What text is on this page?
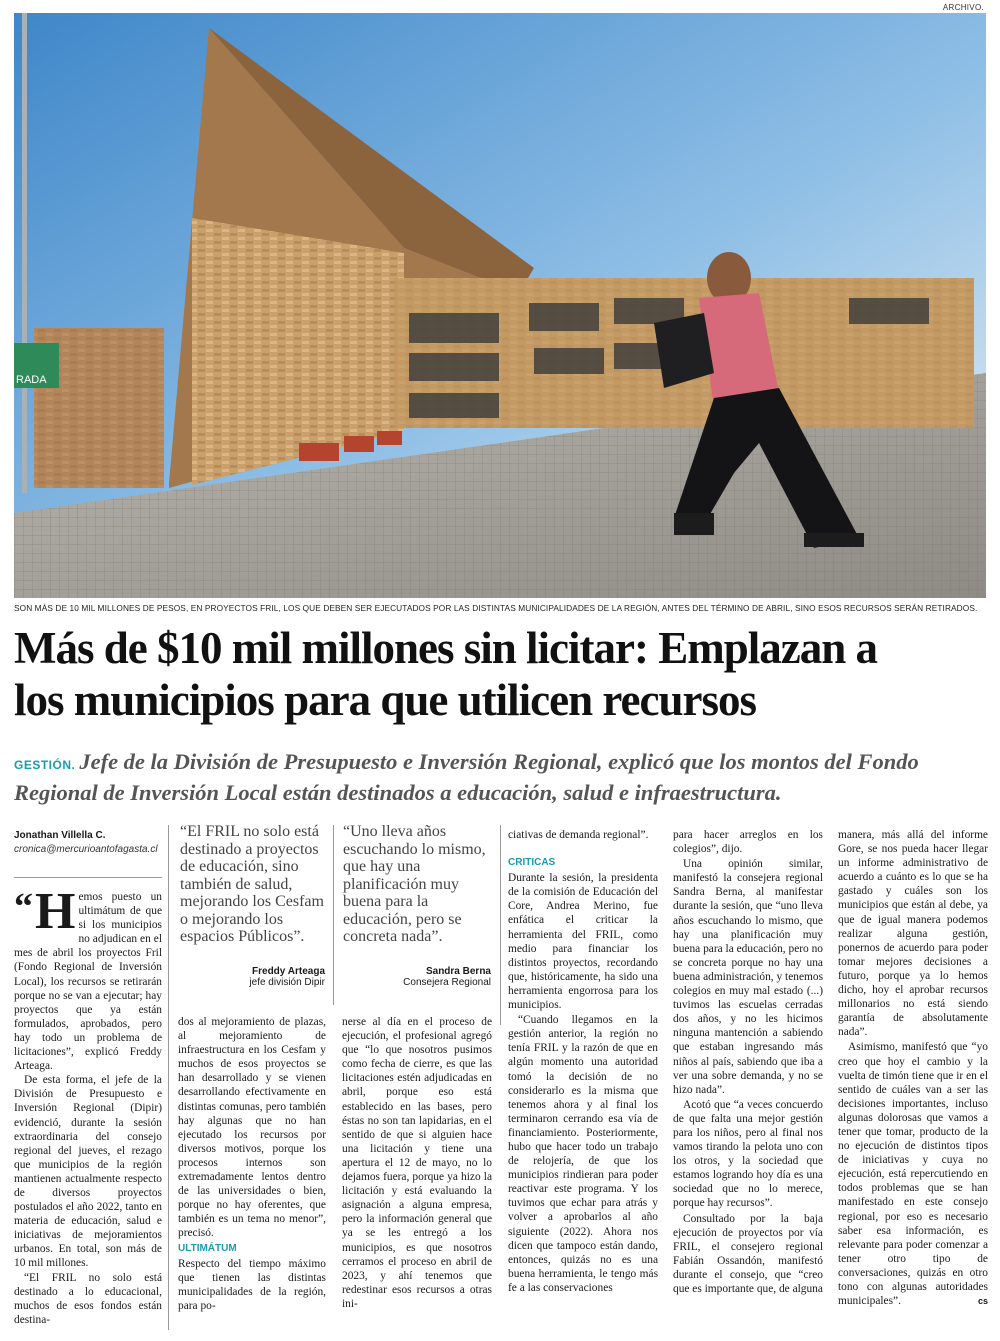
ARCHIVO.
RADA
SON MÁS DE 10 MIL MILLONES DE PESOS, EN PROYECTOS FRIL, LOS QUE DEBEN SER EJECUTADOS POR LAS DISTINTAS MUNICIPALIDADES DE LA REGIÓN, ANTES DEL TÉRMINO DE ABRIL, SINO ESOS RECURSOS SERÁN RETIRADOS.
Más de $10 mil millones sin licitar: Emplazan a
los municipios para que utilicen recursos
GESTIÓN. Jefe de la División de Presupuesto e Inversión Regional, explicó que los montos del Fondo Regional de Inversión Local están destinados a educación, salud e infraestructura.
Jonathan Villella C.
cronica@mercurioantofagasta.cl

“ H emos puesto un ultimátum de que si los municipios no adjudican en el mes de abril los proyectos Fril (Fondo Regional de Inversión Local), los recursos se retirarán porque no se van a ejecutar; hay proyectos que ya están formulados, aprobados, pero hay todo un problema de licitaciones”, explicó Freddy Arteaga.

De esta forma, el jefe de la División de Presupuesto e Inversión Regional (Dipir) evidenció, durante la sesión extraordinaria del consejo regional del jueves, el rezago que municipios de la región mantienen actualmente respecto de diversos proyectos postulados el año 2022, tanto en materia de educación, salud e iniciativas de mejoramientos urbanos. En total, son más de 10 mil millones.

“El FRIL no solo está destinado a lo educacional, muchos de esos fondos están destina-

“El FRIL no solo está destinado a proyectos de educación, sino también de salud, mejorando los Cesfam o mejorando los espacios Públicos”.
Freddy Arteaga
jefe división Dipir
“Uno lleva años escuchando lo mismo, que hay una planificación muy buena para la educación, pero se concreta nada”.
Sandra Berna
Consejera Regional

dos al mejoramiento de plazas, al mejoramiento de infraestructura en los Cesfam y muchos de esos proyectos se han desarrollado y se vienen desarrollando efectivamente en distintas comunas, pero también hay algunas que no han ejecutado los recursos por diversos motivos, porque los procesos internos son extremadamente lentos dentro de las universidades o bien, porque no hay oferentes, que también es un tema no menor”, precisó.

ULTIMÁTUM

Respecto del tiempo máximo que tienen las distintas municipalidades de la región, para po-

nerse al día en el proceso de ejecución, el profesional agregó que “lo que nosotros pusimos como fecha de cierre, es que las licitaciones estén adjudicadas en abril, porque eso está establecido en las bases, pero éstas no son tan lapidarias, en el sentido de que si alguien hace una licitación y tiene una apertura el 12 de mayo, no lo dejamos fuera, porque ya hizo la licitación y está evaluando la asignación a alguna empresa, pero la información general que ya se les entregó a los municipios, es que nosotros cerramos el proceso en abril de 2023, y ahí tenemos que redestinar esos recursos a otras ini-

ciativas de demanda regional”.

CRITICAS

Durante la sesión, la presidenta de la comisión de Educación del Core, Andrea Merino, fue enfática el criticar la herramienta del FRIL, como medio para financiar los distintos proyectos, recordando que, históricamente, ha sido una herramienta engorrosa para los municipios.

“Cuando llegamos en la gestión anterior, la región no tenía FRIL y la razón de que en algún momento una autoridad tomó la decisión de no considerarlo es la misma que tenemos ahora y al final los terminaron cerrando esa vía de financiamiento. Posteriormente, hubo que hacer todo un trabajo de relojería, de que los municipios rindieran para poder reactivar este programa. Y los tuvimos que echar para atrás y volver a aprobarlos al año siguiente (2022). Ahora nos dicen que tampoco están dando, entonces, quizás no es una buena herramienta, le tengo más fe a las conservaciones

para hacer arreglos en los colegios”, dijo.

Una opinión similar, manifestó la consejera regional Sandra Berna, al manifestar durante la sesión, que “uno lleva años escuchando lo mismo, que hay una planificación muy buena para la educación, pero no se concreta porque no hay una buena administración, y tenemos colegios en muy mal estado (...) tuvimos las escuelas cerradas dos años, y no les hicimos ninguna mantención a sabiendo que estaban ingresando más niños al país, sabiendo que iba a ver una sobre demanda, y no se hizo nada”.

Acotó que “a veces concuerdo de que falta una mejor gestión para los niños, pero al final nos vamos tirando la pelota uno con los otros, y la sociedad que estamos logrando hoy día es una sociedad que no lo merece, porque hay recursos”.

Consultado por la baja ejecución de proyectos por vía FRIL, el consejero regional Fabián Ossandón, manifestó durante el consejo, que “creo que es importante que, de alguna

manera, más allá del informe Gore, se nos pueda hacer llegar un informe administrativo de acuerdo a cuánto es lo que se ha gastado y cuáles son los municipios que están al debe, ya que de igual manera podemos realizar alguna gestión, ponernos de acuerdo para poder tomar mejores decisiones a futuro, porque ya lo hemos dicho, hoy el aprobar recursos millonarios no está siendo garantía de absolutamente nada”.

Asimismo, manifestó que “yo creo que hoy el cambio y la vuelta de timón tiene que ir en el sentido de cuáles van a ser las decisiones importantes, incluso algunas dolorosas que vamos a tener que tomar, producto de la no ejecución de distintos tipos de iniciativas y cuya no ejecución, está repercutiendo en todos problemas que se han manifestado en este consejo regional, por eso es necesario saber esa información, es relevante para poder comenzar a tener otro tipo de conversaciones, quizás en otro tono con algunas autoridades municipales”.	cs
